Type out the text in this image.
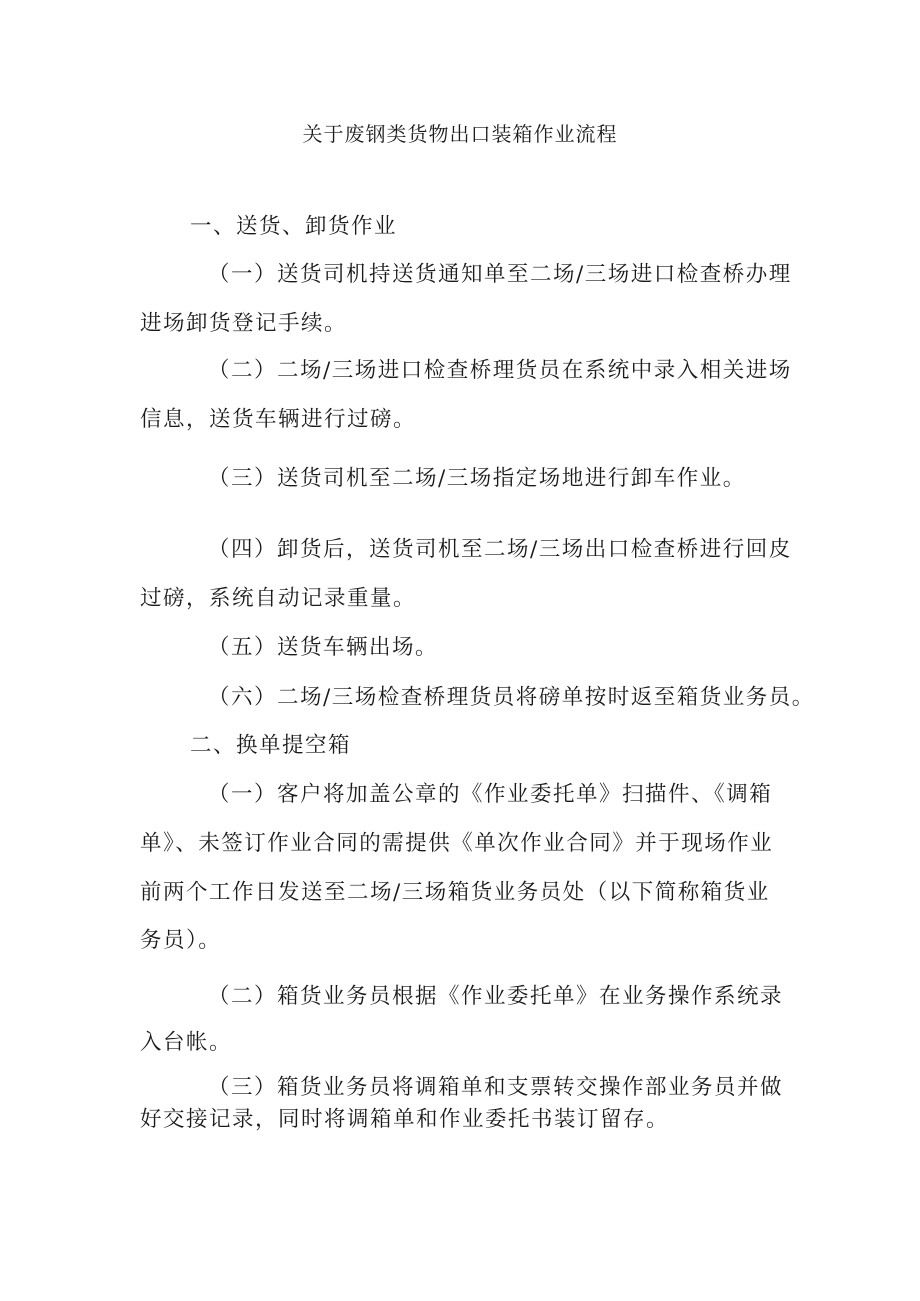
关于废钢类货物出口装箱作业流程
一、送货、卸货作业
（一）送货司机持送货通知单至二场/三场进口检查桥办理
进场卸货登记手续。
（二）二场/三场进口检查桥理货员在系统中录入相关进场
信息，送货车辆进行过磅。
（三）送货司机至二场/三场指定场地进行卸车作业。
（四）卸货后，送货司机至二场/三场出口检查桥进行回皮
过磅，系统自动记录重量。
（五）送货车辆出场。
（六）二场/三场检查桥理货员将磅单按时返至箱货业务员。
二、换单提空箱
（一）客户将加盖公章的《作业委托单》扫描件、《调箱
单》、未签订作业合同的需提供《单次作业合同》并于现场作业
前两个工作日发送至二场/三场箱货业务员处（以下简称箱货业
务员）。
（二）箱货业务员根据《作业委托单》在业务操作系统录
入台帐。
（三）箱货业务员将调箱单和支票转交操作部业务员并做
好交接记录，同时将调箱单和作业委托书装订留存。
